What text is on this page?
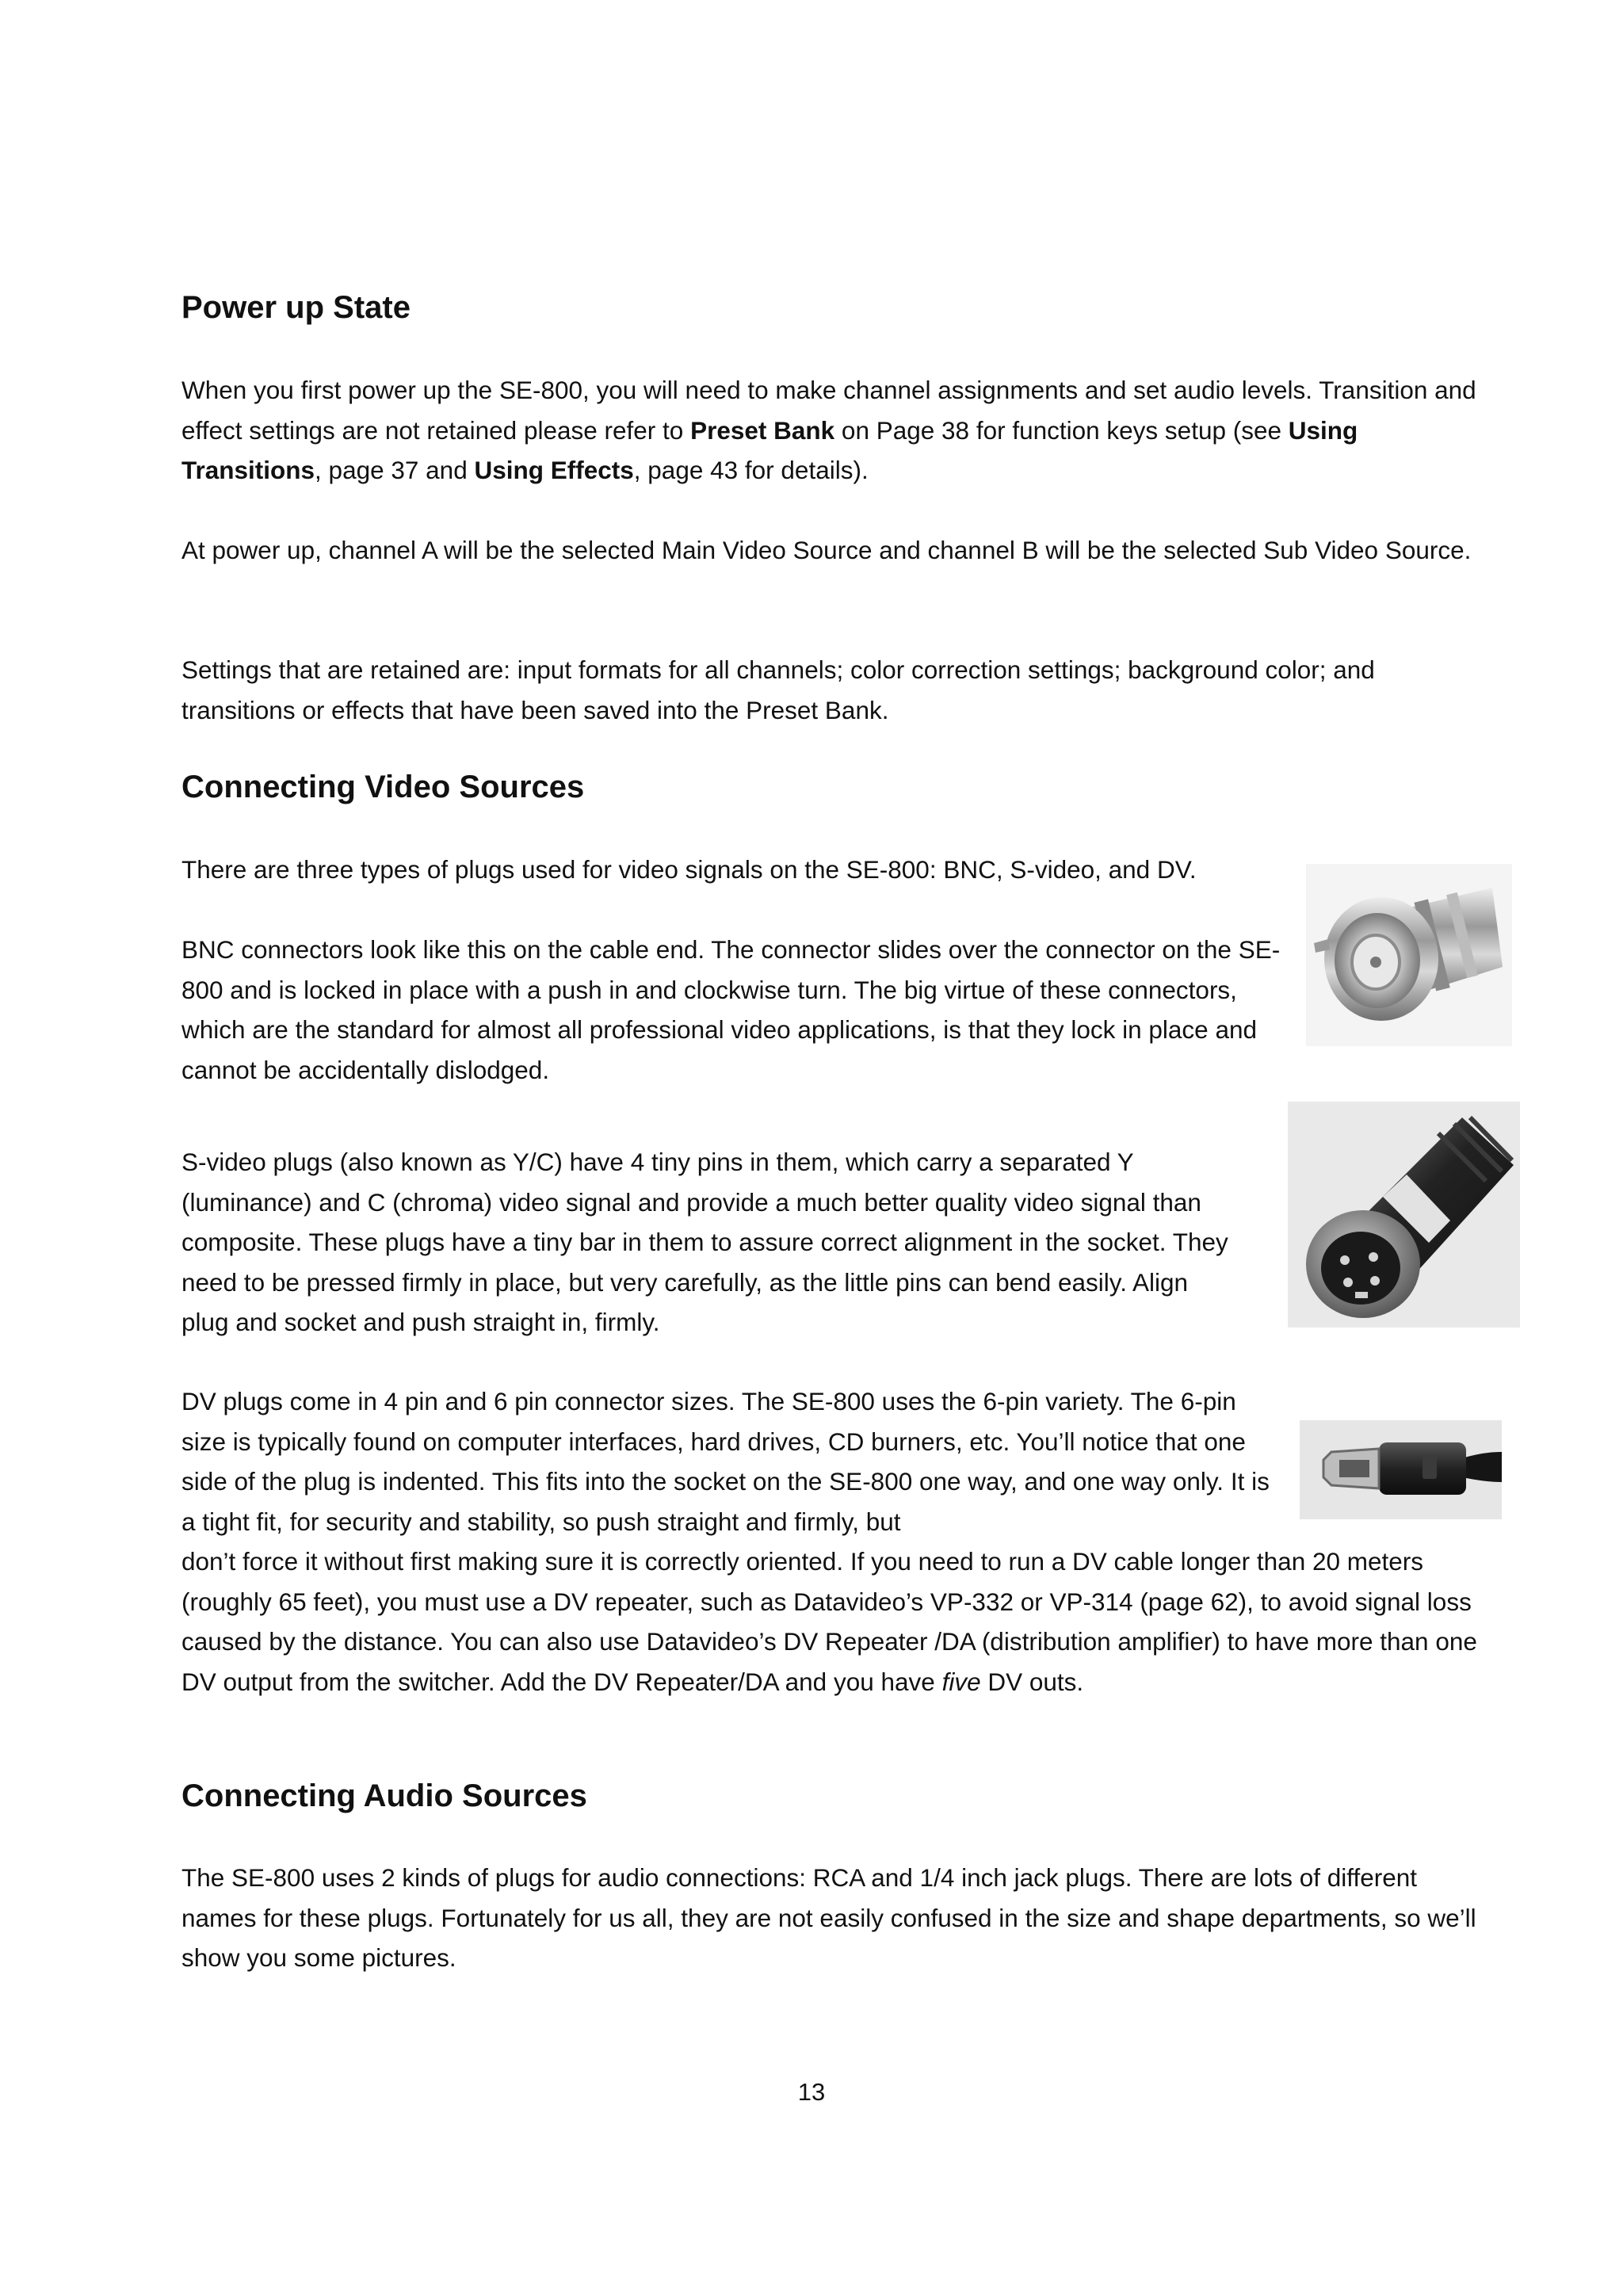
Power up State

When you first power up the SE-800, you will need to make channel assignments and set audio levels. Transition and effect settings are not retained please refer to Preset Bank on Page 38 for function keys setup (see Using Transitions, page 37 and Using Effects, page 43 for details).

At power up, channel A will be the selected Main Video Source and channel B will be the selected Sub Video Source.

Settings that are retained are: input formats for all channels; color correction settings; background color; and transitions or effects that have been saved into the Preset Bank.

Connecting Video Sources

There are three types of plugs used for video signals on the SE-800: BNC, S-video, and DV.

BNC connectors look like this on the cable end. The connector slides over the connector on the SE-800 and is locked in place with a push in and clockwise turn. The big virtue of these connectors, which are the standard for almost all professional video applications, is that they lock in place and cannot be accidentally dislodged.

S-video plugs (also known as Y/C) have 4 tiny pins in them, which carry a separated Y (luminance) and C (chroma) video signal and provide a much better quality video signal than composite. These plugs have a tiny bar in them to assure correct alignment in the socket. They need to be pressed firmly in place, but very carefully, as the little pins can bend easily. Align plug and socket and push straight in, firmly.

DV plugs come in 4 pin and 6 pin connector sizes. The SE-800 uses the 6-pin variety. The 6-pin size is typically found on computer interfaces, hard drives, CD burners, etc. You’ll notice that one side of the plug is indented. This fits into the socket on the SE-800 one way, and one way only. It is a tight fit, for security and stability, so push straight and firmly, but

don’t force it without first making sure it is correctly oriented. If you need to run a DV cable longer than 20 meters (roughly 65 feet), you must use a DV repeater, such as Datavideo’s VP-332 or VP-314 (page 62), to avoid signal loss caused by the distance. You can also use Datavideo’s DV Repeater /DA (distribution amplifier) to have more than one DV output from the switcher. Add the DV Repeater/DA and you have five DV outs.

Connecting Audio Sources

The SE-800 uses 2 kinds of plugs for audio connections: RCA and 1/4 inch jack plugs. There are lots of different names for these plugs. Fortunately for us all, they are not easily confused in the size and shape departments, so we’ll show you some pictures.

13
